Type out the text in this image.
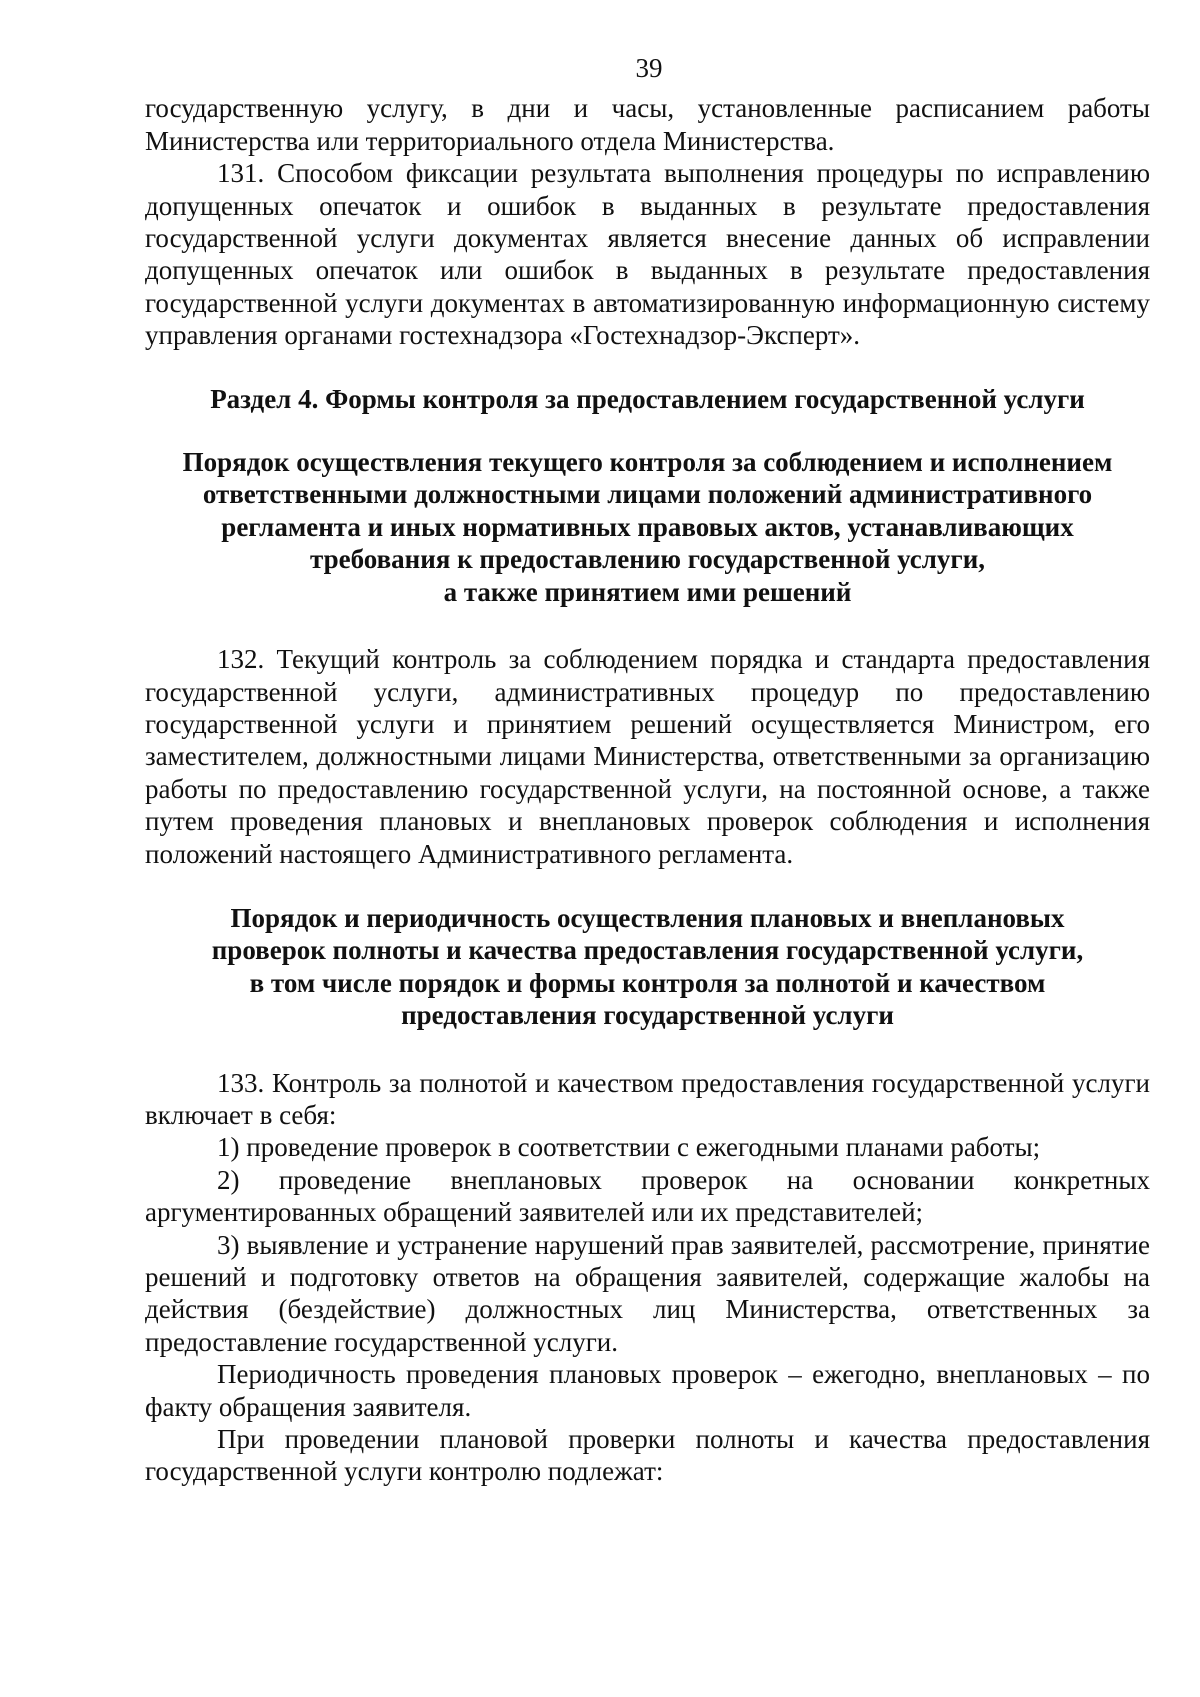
39

государственную услугу, в дни и часы, установленные расписанием работы Министерства или территориального отдела Министерства.

131. Способом фиксации результата выполнения процедуры по исправлению допущенных опечаток и ошибок в выданных в результате предоставления государственной услуги документах является внесение данных об исправлении допущенных опечаток или ошибок в выданных в результате предоставления государственной услуги документах в автоматизированную информационную систему управления органами гостехнадзора «Гостехнадзор-Эксперт».

Раздел 4. Формы контроля за предоставлением государственной услуги
Порядок осуществления текущего контроля за соблюдением и исполнением
ответственными должностными лицами положений административного
регламента и иных нормативных правовых актов, устанавливающих
требования к предоставлению государственной услуги,
а также принятием ими решений

132. Текущий контроль за соблюдением порядка и стандарта предоставления государственной услуги, административных процедур по предоставлению государственной услуги и принятием решений осуществляется Министром, его заместителем, должностными лицами Министерства, ответственными за организацию работы по предоставлению государственной услуги, на постоянной основе, а также путем проведения плановых и внеплановых проверок соблюдения и исполнения положений настоящего Административного регламента.

Порядок и периодичность осуществления плановых и внеплановых
проверок полноты и качества предоставления государственной услуги,
в том числе порядок и формы контроля за полнотой и качеством
предоставления государственной услуги

133. Контроль за полнотой и качеством предоставления государственной услуги включает в себя:

1) проведение проверок в соответствии с ежегодными планами работы;

2) проведение внеплановых проверок на основании конкретных аргументированных обращений заявителей или их представителей;

3) выявление и устранение нарушений прав заявителей, рассмотрение, принятие решений и подготовку ответов на обращения заявителей, содержащие жалобы на действия (бездействие) должностных лиц Министерства, ответственных за предоставление государственной услуги.

Периодичность проведения плановых проверок – ежегодно, внеплановых – по факту обращения заявителя.

При проведении плановой проверки полноты и качества предоставления государственной услуги контролю подлежат:
